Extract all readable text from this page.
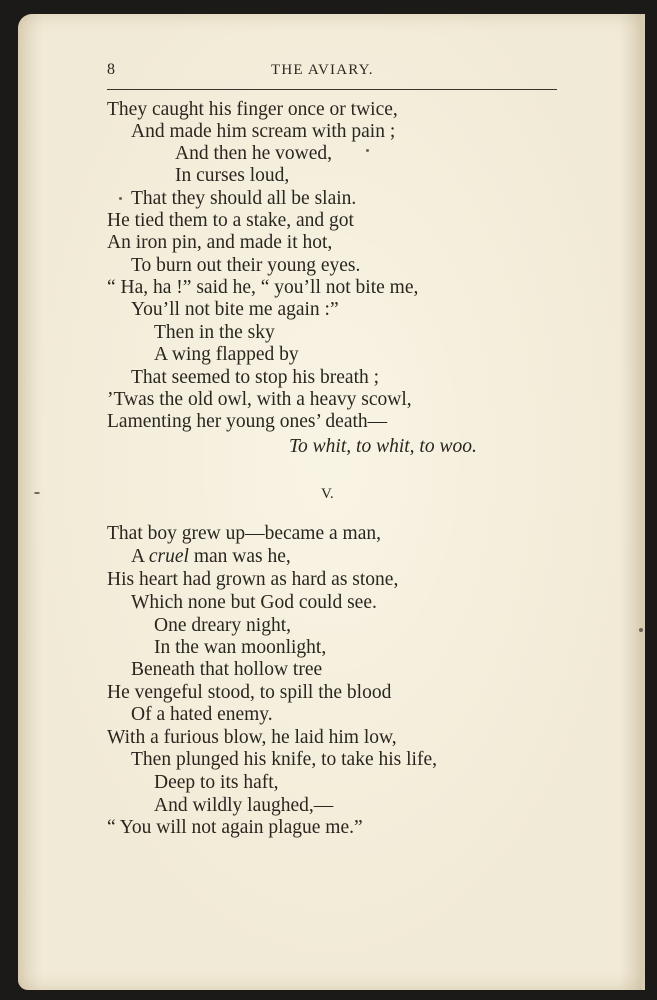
8	THE AVIARY.
They caught his finger once or twice,
And made him scream with pain ;
And then he vowed,
In curses loud,
That they should all be slain.
He tied them to a stake, and got
An iron pin, and made it hot,
To burn out their young eyes.
“ Ha, ha !” said he, “ you’ll not bite me,
You’ll not bite me again :”
Then in the sky
A wing flapped by
That seemed to stop his breath ;
’Twas the old owl, with a heavy scowl,
Lamenting her young ones’ death—
To whit, to whit, to woo.
V.
That boy grew up—became a man,
A cruel man was he,
His heart had grown as hard as stone,
Which none but God could see.
One dreary night,
In the wan moonlight,
Beneath that hollow tree
He vengeful stood, to spill the blood
Of a hated enemy.
With a furious blow, he laid him low,
Then plunged his knife, to take his life,
Deep to its haft,
And wildly laughed,—
“ You will not again plague me.”
